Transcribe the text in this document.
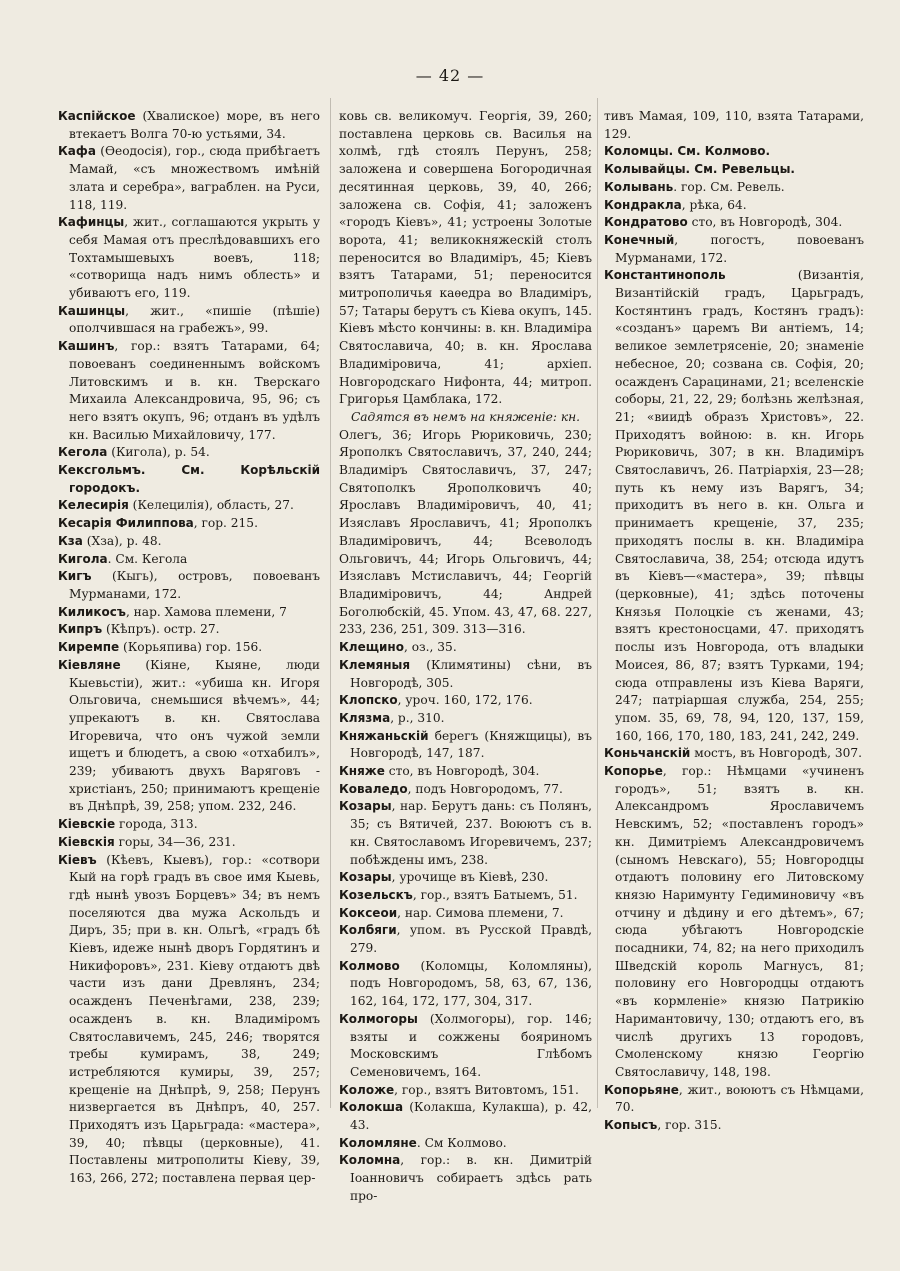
— 42 —

Каспійское (Хвалиское) море, въ него втекаетъ Волга 70-ю устьями, 34.

Кафа (Ѳеодосія), гор., сюда прибѣгаетъ Мамай, «съ множествомъ имѣній злата и серебра», ваграблен. на Руси, 118, 119.

Кафинцы, жит., соглашаются укрыть у себя Мамая отъ преслѣдовавшихъ его Тохтамышевыхъ воевъ, 118; «сотворища надъ нимъ облесть» и убиваютъ его, 119.

Кашинцы, жит., «пишіе (пѣшіе) ополчившася на грабежъ», 99.

Кашинъ, гор.: взятъ Татарами, 64; повоеванъ соединеннымъ войскомъ Литовскимъ и в. кн. Тверскаго Михаила Александровича, 95, 96; съ него взятъ окупъ, 96; отданъ въ удѣлъ кн. Василью Михайловичу, 177.

Кегола (Кигола), р. 54.

Кексгольмъ. См. Корѣльскій городокъ.

Келесирія (Келецилія), область, 27.

Кесарія Филиппова, гор. 215.

Кза (Хза), р. 48.

Кигола. См. Кегола

Кигъ (Кыгь), островъ, повоеванъ Мурманами, 172.

Киликосъ, нар. Хамова племени, 7

Кипръ (Кѣпръ). остр. 27.

Киремпе (Корьяпива) гор. 156.

Кіевляне (Кіяне, Кыяне, люди Кыевьстіи), жит.: «убиша кн. Игоря Ольговича, снемьшися вѣчемъ», 44; упрекаютъ в. кн. Святослава Игоревича, что онъ чужой земли ищетъ и блюдетъ, а свою «отхабилъ», 239; убиваютъ двухъ Варяговъ - христіанъ, 250; принимаютъ крещеніе въ Днѣпрѣ, 39, 258; упом. 232, 246.

Кіевскіе города, 313.

Кіевскія горы, 34—36, 231.

Кіевъ (Кѣевъ, Кыевъ), гор.: «сотвори Кый на горѣ градъ въ свое имя Кыевь, гдѣ нынѣ увозъ Борцевъ» 34; въ немъ поселяются два мужа Аскольдъ и Диръ, 35; при в. кн. Ольгѣ, «градъ бѣ Кіевъ, идеже нынѣ дворъ Гордятинъ и Никифоровъ», 231. Кіеву отдаютъ двѣ части изъ дани Древлянъ, 234; осажденъ Печенѣгами, 238, 239; осажденъ в. кн. Владиміромъ Святославичемъ, 245, 246; творятся требы кумирамъ, 38, 249; истребляются кумиры, 39, 257; крещеніе на Днѣпрѣ, 9, 258; Перунъ низвергается въ Днѣпръ, 40, 257. Приходятъ изъ Царьграда: «мастера», 39, 40; пѣвцы (церковные), 41. Поставлены митрополиты Кіеву, 39, 163, 266, 272; поставлена первая цер-

ковь св. великомуч. Георгія, 39, 260; поставлена церковь св. Василья на холмѣ, гдѣ стоялъ Перунъ, 258; заложена и совершена Богородичная десятинная церковь, 39, 40, 266; заложена св. Софія, 41; заложенъ «городъ Кіевъ», 41; устроены Золотые ворота, 41; великокняжескій столъ переносится во Владиміръ, 45; Кіевъ взятъ Татарами, 51; переносится митрополичья каѳедра во Владиміръ, 57; Татары берутъ съ Кіева окупъ, 145. Кіевъ мѣсто кончины: в. кн. Владиміра Святославича, 40; в. кн. Ярослава Владиміровича, 41; архіеп. Новгородскаго Нифонта, 44; митроп. Григорья Цамблака, 172.

Садятся въ немъ на княженіе: кн.

Олегъ, 36; Игорь Рюриковичь, 230; Ярополкъ Святославичъ, 37, 240, 244; Владиміръ Святославичъ, 37, 247; Святополкъ Ярополковичъ 40; Ярославъ Владиміровичъ, 40, 41; Изяславъ Ярославичъ, 41; Ярополкъ Владиміровичъ, 44; Всеволодъ Ольговичъ, 44; Игорь Ольговичъ, 44; Изяславъ Мстиславичъ, 44; Георгій Владиміровичъ, 44; Андрей Боголюбскій, 45. Упом. 43, 47, 68. 227, 233, 236, 251, 309. 313—316.

Клещино, оз., 35.

Клемяныя (Климятины) сѣни, въ Новгородѣ, 305.

Клопско, уроч. 160, 172, 176.

Клязма, р., 310.

Княжаньскій берегъ (Княжщицы), въ Новгородѣ, 147, 187.

Княже сто, въ Новгородѣ, 304.

Коваледо, подъ Новгородомъ, 77.

Козары, нар. Берутъ дань: съ Полянъ, 35; съ Вятичей, 237. Воюютъ съ в. кн. Святославомъ Игоревичемъ, 237; побѣждены имъ, 238.

Козары, урочище въ Кіевѣ, 230.

Козельскъ, гор., взятъ Батыемъ, 51.

Коксеои, нар. Симова племени, 7.

Колбяги, упом. въ Русской Правдѣ, 279.

Колмово (Коломцы, Коломляны), подъ Новгородомъ, 58, 63, 67, 136, 162, 164, 172, 177, 304, 317.

Колмогоры (Холмогоры), гор. 146; взяты и сожжены бояриномъ Московскимъ Глѣбомъ Семеновичемъ, 164.

Коложе, гор., взятъ Витовтомъ, 151.

Колокша (Колакша, Кулакша), р. 42, 43.

Коломляне. См Колмово.

Коломна, гор.: в. кн. Димитрій Іоанновичъ собираетъ здѣсь рать про-

тивъ Мамая, 109, 110, взята Татарами, 129.

Коломцы. См. Колмово.

Колывайцы. См. Ревельцы.

Колывань. гор. См. Ревель.

Кондракла, рѣка, 64.

Кондратово сто, въ Новгородѣ, 304.

Конечный, погостъ, повоеванъ Мурманами, 172.

Константинополь (Византія, Византійскій градъ, Царьградъ, Костянтинъ градъ, Костянъ градъ): «созданъ» царемъ Ви антіемъ, 14; великое землетрясеніе, 20; знаменіе небесное, 20; созвана св. Софія, 20; осажденъ Сарацинами, 21; вселенскіе соборы, 21, 22, 29; болѣзнь желѣзная, 21; «виидѣ образъ Христовъ», 22. Приходятъ войною: в. кн. Игорь Рюриковичь, 307; в кн. Владиміръ Святославичъ, 26. Патріархія, 23—28; путь къ нему изъ Варягъ, 34; приходитъ въ него в. кн. Ольга и принимаетъ крещеніе, 37, 235; приходятъ послы в. кн. Владиміра Святославича, 38, 254; отсюда идутъ въ Кіевъ—«мастера», 39; пѣвцы (церковные), 41; здѣсь поточены Князья Полоцкіе съ женами, 43; взятъ крестоносцами, 47. приходятъ послы изъ Новгорода, отъ владыки Моисея, 86, 87; взятъ Турками, 194; сюда отправлены изъ Кіева Варяги, 247; патріаршая служба, 254, 255; упом. 35, 69, 78, 94, 120, 137, 159, 160, 166, 170, 180, 183, 241, 242, 249.

Коньчанскій мостъ, въ Новгородѣ, 307.

Копорье, гор.: Нѣмцами «учиненъ городъ», 51; взятъ в. кн. Александромъ Ярославичемъ Невскимъ, 52; «поставленъ городъ» кн. Димитріемъ Александровичемъ (сыномъ Невскаго), 55; Новгородцы отдаютъ половину его Литовскому князю Наримунту Гедиминовичу «въ отчину и дѣдину и его дѣтемъ», 67; сюда убѣгаютъ Новгородскіе посадники, 74, 82; на него приходилъ Шведскій король Магнусъ, 81; половину его Новгородцы отдаютъ «въ кормленіе» князю Патрикію Наримантовичу, 130; отдаютъ его, въ числѣ другихъ 13 городовъ, Смоленскому князю Георгію Святославичу, 148, 198.

Копорьяне, жит., воюютъ съ Нѣмцами, 70.

Копысъ, гор. 315.
